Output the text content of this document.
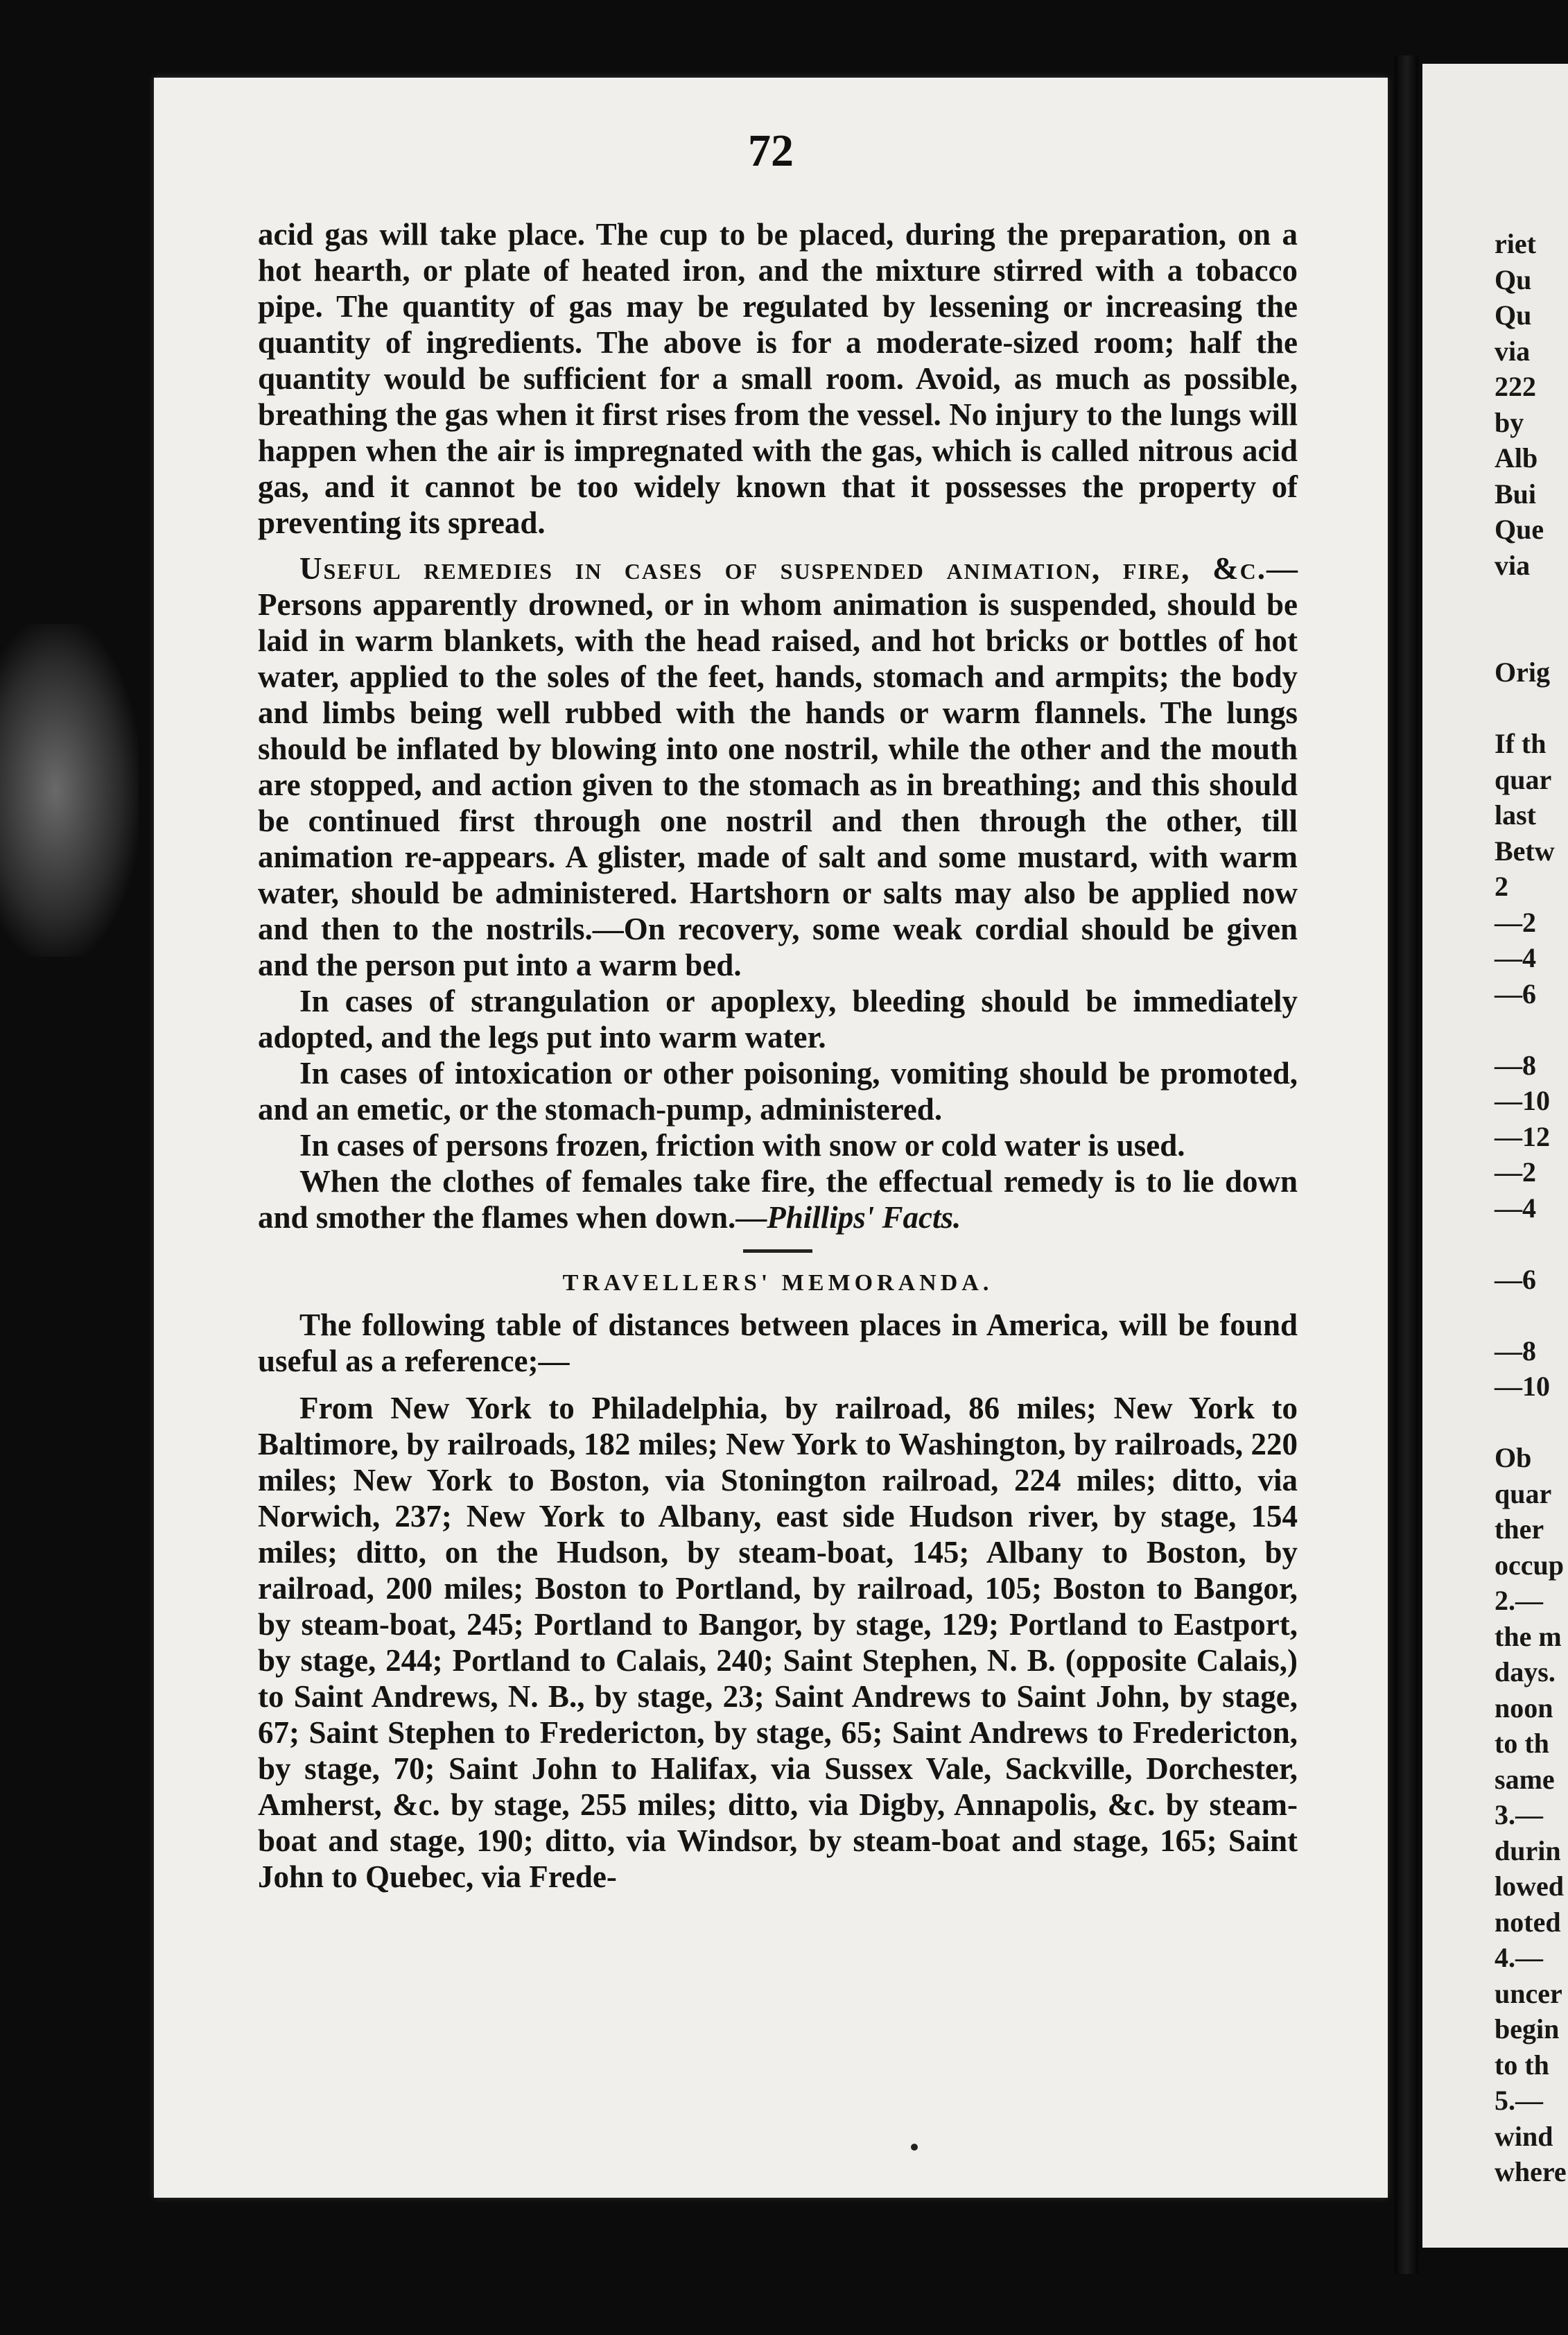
72

acid gas will take place. The cup to be placed, during the preparation, on a hot hearth, or plate of heated iron, and the mixture stirred with a tobacco pipe. The quantity of gas may be regulated by lessening or increasing the quantity of ingredients. The above is for a moderate-sized room; half the quantity would be sufficient for a small room. Avoid, as much as possible, breathing the gas when it first rises from the vessel. No injury to the lungs will happen when the air is impregnated with the gas, which is called nitrous acid gas, and it cannot be too widely known that it possesses the property of preventing its spread.

Useful remedies in cases of suspended animation, fire, &c.—Persons apparently drowned, or in whom animation is suspended, should be laid in warm blankets, with the head raised, and hot bricks or bottles of hot water, applied to the soles of the feet, hands, stomach and armpits; the body and limbs being well rubbed with the hands or warm flannels. The lungs should be inflated by blowing into one nostril, while the other and the mouth are stopped, and action given to the stomach as in breathing; and this should be continued first through one nostril and then through the other, till animation re-appears. A glister, made of salt and some mustard, with warm water, should be administered. Hartshorn or salts may also be applied now and then to the nostrils.—On recovery, some weak cordial should be given and the person put into a warm bed.

In cases of strangulation or apoplexy, bleeding should be immediately adopted, and the legs put into warm water.

In cases of intoxication or other poisoning, vomiting should be promoted, and an emetic, or the stomach-pump, administered.

In cases of persons frozen, friction with snow or cold water is used.

When the clothes of females take fire, the effectual remedy is to lie down and smother the flames when down.—Phillips' Facts.

TRAVELLERS' MEMORANDA.

The following table of distances between places in America, will be found useful as a reference;—

From New York to Philadelphia, by railroad, 86 miles; New York to Baltimore, by railroads, 182 miles; New York to Washington, by railroads, 220 miles; New York to Boston, via Stonington railroad, 224 miles; ditto, via Norwich, 237; New York to Albany, east side Hudson river, by stage, 154 miles; ditto, on the Hudson, by steam-boat, 145; Albany to Boston, by railroad, 200 miles; Boston to Portland, by railroad, 105; Boston to Bangor, by steam-boat, 245; Portland to Bangor, by stage, 129; Portland to Eastport, by stage, 244; Portland to Calais, 240; Saint Stephen, N. B. (opposite Calais,) to Saint Andrews, N. B., by stage, 23; Saint Andrews to Saint John, by stage, 67; Saint Stephen to Fredericton, by stage, 65; Saint Andrews to Fredericton, by stage, 70; Saint John to Halifax, via Sussex Vale, Sackville, Dorchester, Amherst, &c. by stage, 255 miles; ditto, via Digby, Annapolis, &c. by steam-boat and stage, 190; ditto, via Windsor, by steam-boat and stage, 165; Saint John to Quebec, via Frede-

riet
Qu
Qu
via
222
by
Alb
Bui
Que
via
Orig
If th
quar
last
Betw
2
—2
—4
—6
—8
—10
—12
—2
—4
—6
—8
—10
Ob
quar
ther
occup
2.—
the m
days.
noon
to th
same
3.—
durin
lowed
noted
4.—
uncer
begin
to th
5.—
wind
where
